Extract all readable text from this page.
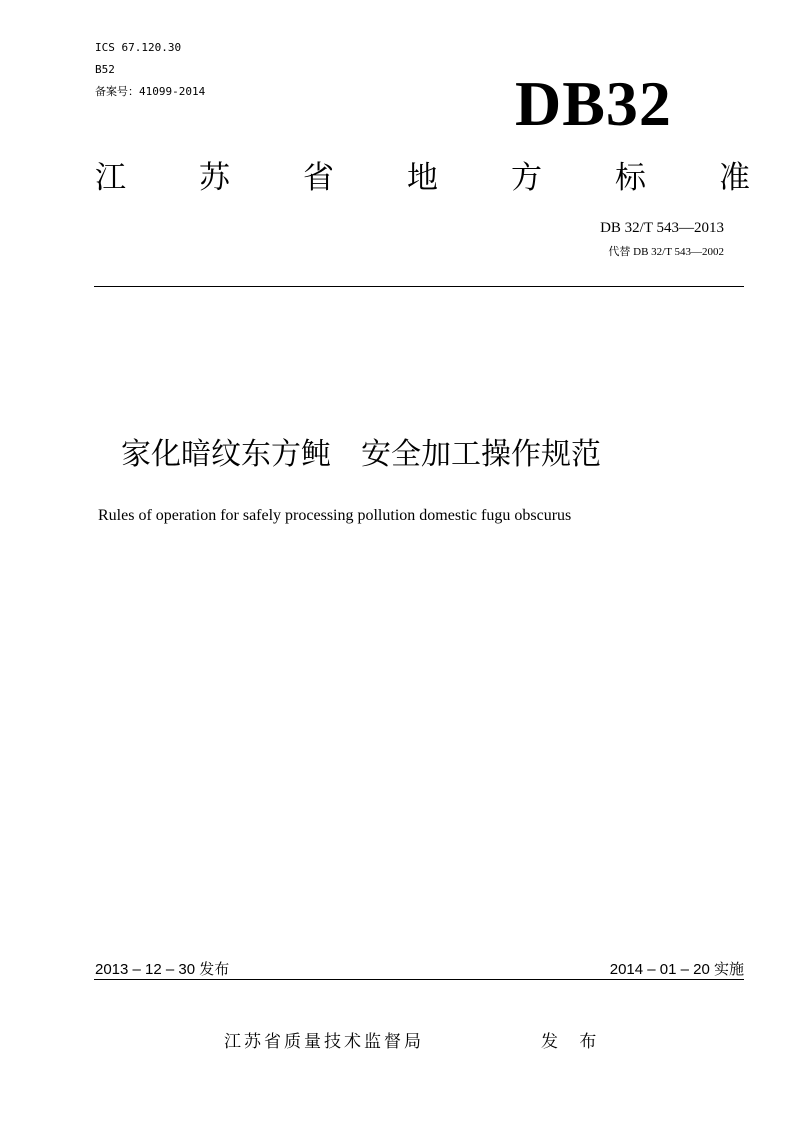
ICS 67.120.30
B52
备案号：41099-2014	DB32
江 苏 省 地 方 标 准
DB 32/T 543—2013
代替 DB 32/T 543—2002
家化暗纹东方鲀　安全加工操作规范
Rules of operation for safely processing pollution domestic fugu obscurus
2013 – 12 – 30 发布	2014 – 01 – 20 实施
江苏省质量技术监督局	发 布
